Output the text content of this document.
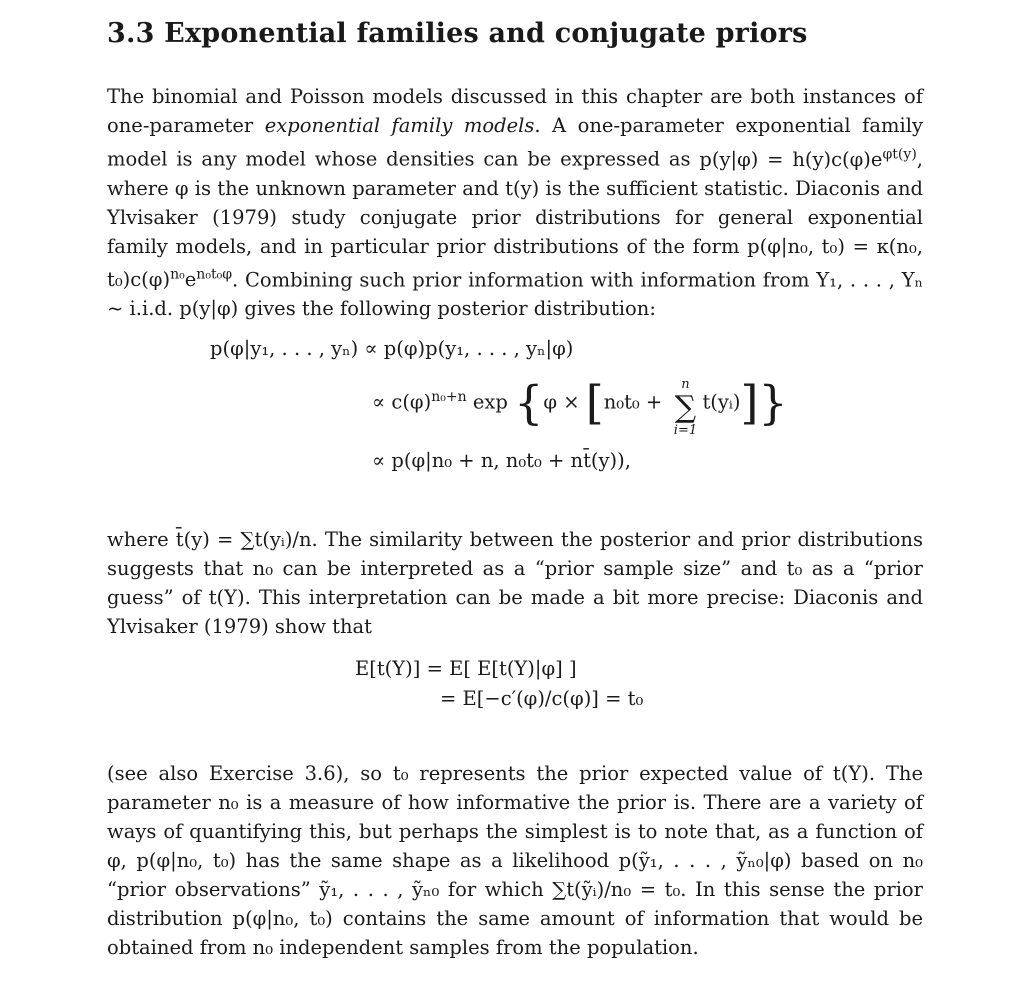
3.3 Exponential families and conjugate priors

The binomial and Poisson models discussed in this chapter are both instances of one-parameter exponential family models. A one-parameter exponential family model is any model whose densities can be expressed as $p(y|\varphi) = h(y)c(\varphi)e^{\varphi t(y)}$, where φ is the unknown parameter and t(y) is the sufficient statistic. Diaconis and Ylvisaker (1979) study conjugate prior distributions for general exponential family models, and in particular prior distributions of the form p(φ|n₀, t₀) = κ(n₀, $t_0)c(\varphi)^{n_0}e^{n_0t_0\varphi}$. Combining such prior information with information from Y₁, . . . , Yₙ ~ i.i.d. p(y|φ) gives the following posterior distribution:

p(φ|y₁, . . . , yₙ) ∝ p(φ)p(y₁, . . . , yₙ|φ)
∝ $c(\varphi)^{n_0+n}$ exp {φ × [n₀t₀ +
n
∑
i=1
t(yᵢ)]}
∝ p(φ|n₀ + n, n₀t₀ + nt̄(y)),

where t̄(y) = ∑t(yᵢ)/n. The similarity between the posterior and prior distributions suggests that n₀ can be interpreted as a “prior sample size” and t₀ as a “prior guess” of t(Y). This interpretation can be made a bit more precise: Diaconis and Ylvisaker (1979) show that

E[t(Y)] = E[ E[t(Y)|φ] ]
= E[−c′(φ)/c(φ)] = t₀

(see also Exercise 3.6), so t₀ represents the prior expected value of t(Y). The parameter n₀ is a measure of how informative the prior is. There are a variety of ways of quantifying this, but perhaps the simplest is to note that, as a function of φ, p(φ|n₀, t₀) has the same shape as a likelihood p(ỹ₁, . . . , ỹₙ₀|φ) based on n₀ “prior observations” ỹ₁, . . . , ỹₙ₀ for which ∑t(ỹᵢ)/n₀ = t₀. In this sense the prior distribution p(φ|n₀, t₀) contains the same amount of information that would be obtained from n₀ independent samples from the population.
